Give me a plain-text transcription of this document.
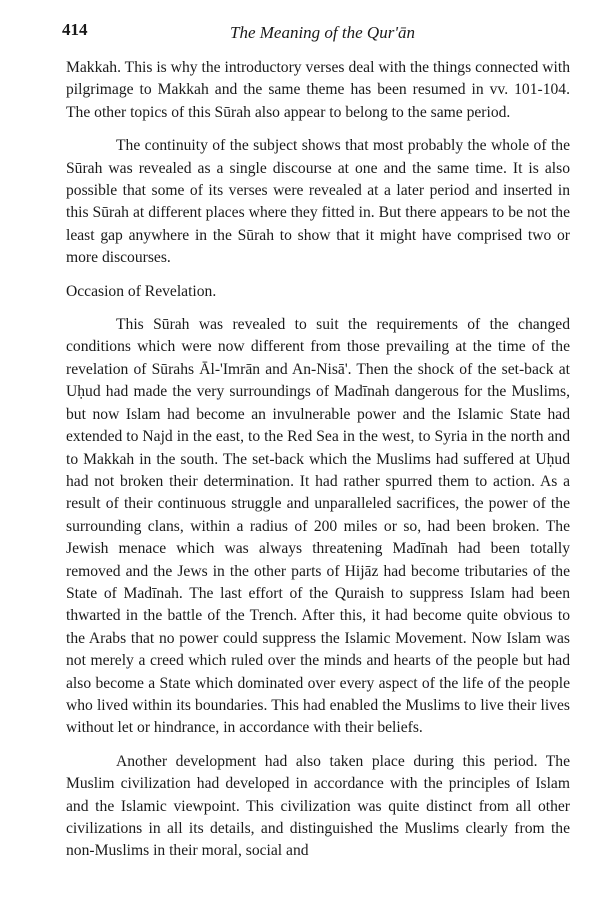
414	The Meaning of the Qur'ān

Makkah. This is why the introductory verses deal with the things connected with pilgrimage to Makkah and the same theme has been resumed in vv. 101-104. The other topics of this Sūrah also appear to belong to the same period.

The continuity of the subject shows that most probably the whole of the Sūrah was revealed as a single discourse at one and the same time. It is also possible that some of its verses were revealed at a later period and inserted in this Sūrah at different places where they fitted in. But there appears to be not the least gap anywhere in the Sūrah to show that it might have comprised two or more discourses.

Occasion of Revelation.

This Sūrah was revealed to suit the requirements of the changed conditions which were now different from those prevailing at the time of the revelation of Sūrahs Āl-'Imrān and An-Nisā'. Then the shock of the set-back at Uḥud had made the very surroundings of Madīnah dangerous for the Muslims, but now Islam had become an invulnerable power and the Islamic State had extended to Najd in the east, to the Red Sea in the west, to Syria in the north and to Makkah in the south. The set-back which the Muslims had suffered at Uḥud had not broken their determination. It had rather spurred them to action. As a result of their continuous struggle and unparalleled sacrifices, the power of the surrounding clans, within a radius of 200 miles or so, had been broken. The Jewish menace which was always threatening Madīnah had been totally removed and the Jews in the other parts of Hijāz had become tributaries of the State of Madīnah. The last effort of the Quraish to suppress Islam had been thwarted in the battle of the Trench. After this, it had become quite obvious to the Arabs that no power could suppress the Islamic Movement. Now Islam was not merely a creed which ruled over the minds and hearts of the people but had also become a State which dominated over every aspect of the life of the people who lived within its boundaries. This had enabled the Muslims to live their lives without let or hindrance, in accordance with their beliefs.

Another development had also taken place during this period. The Muslim civilization had developed in accordance with the principles of Islam and the Islamic viewpoint. This civilization was quite distinct from all other civilizations in all its details, and distinguished the Muslims clearly from the non-Muslims in their moral, social and
